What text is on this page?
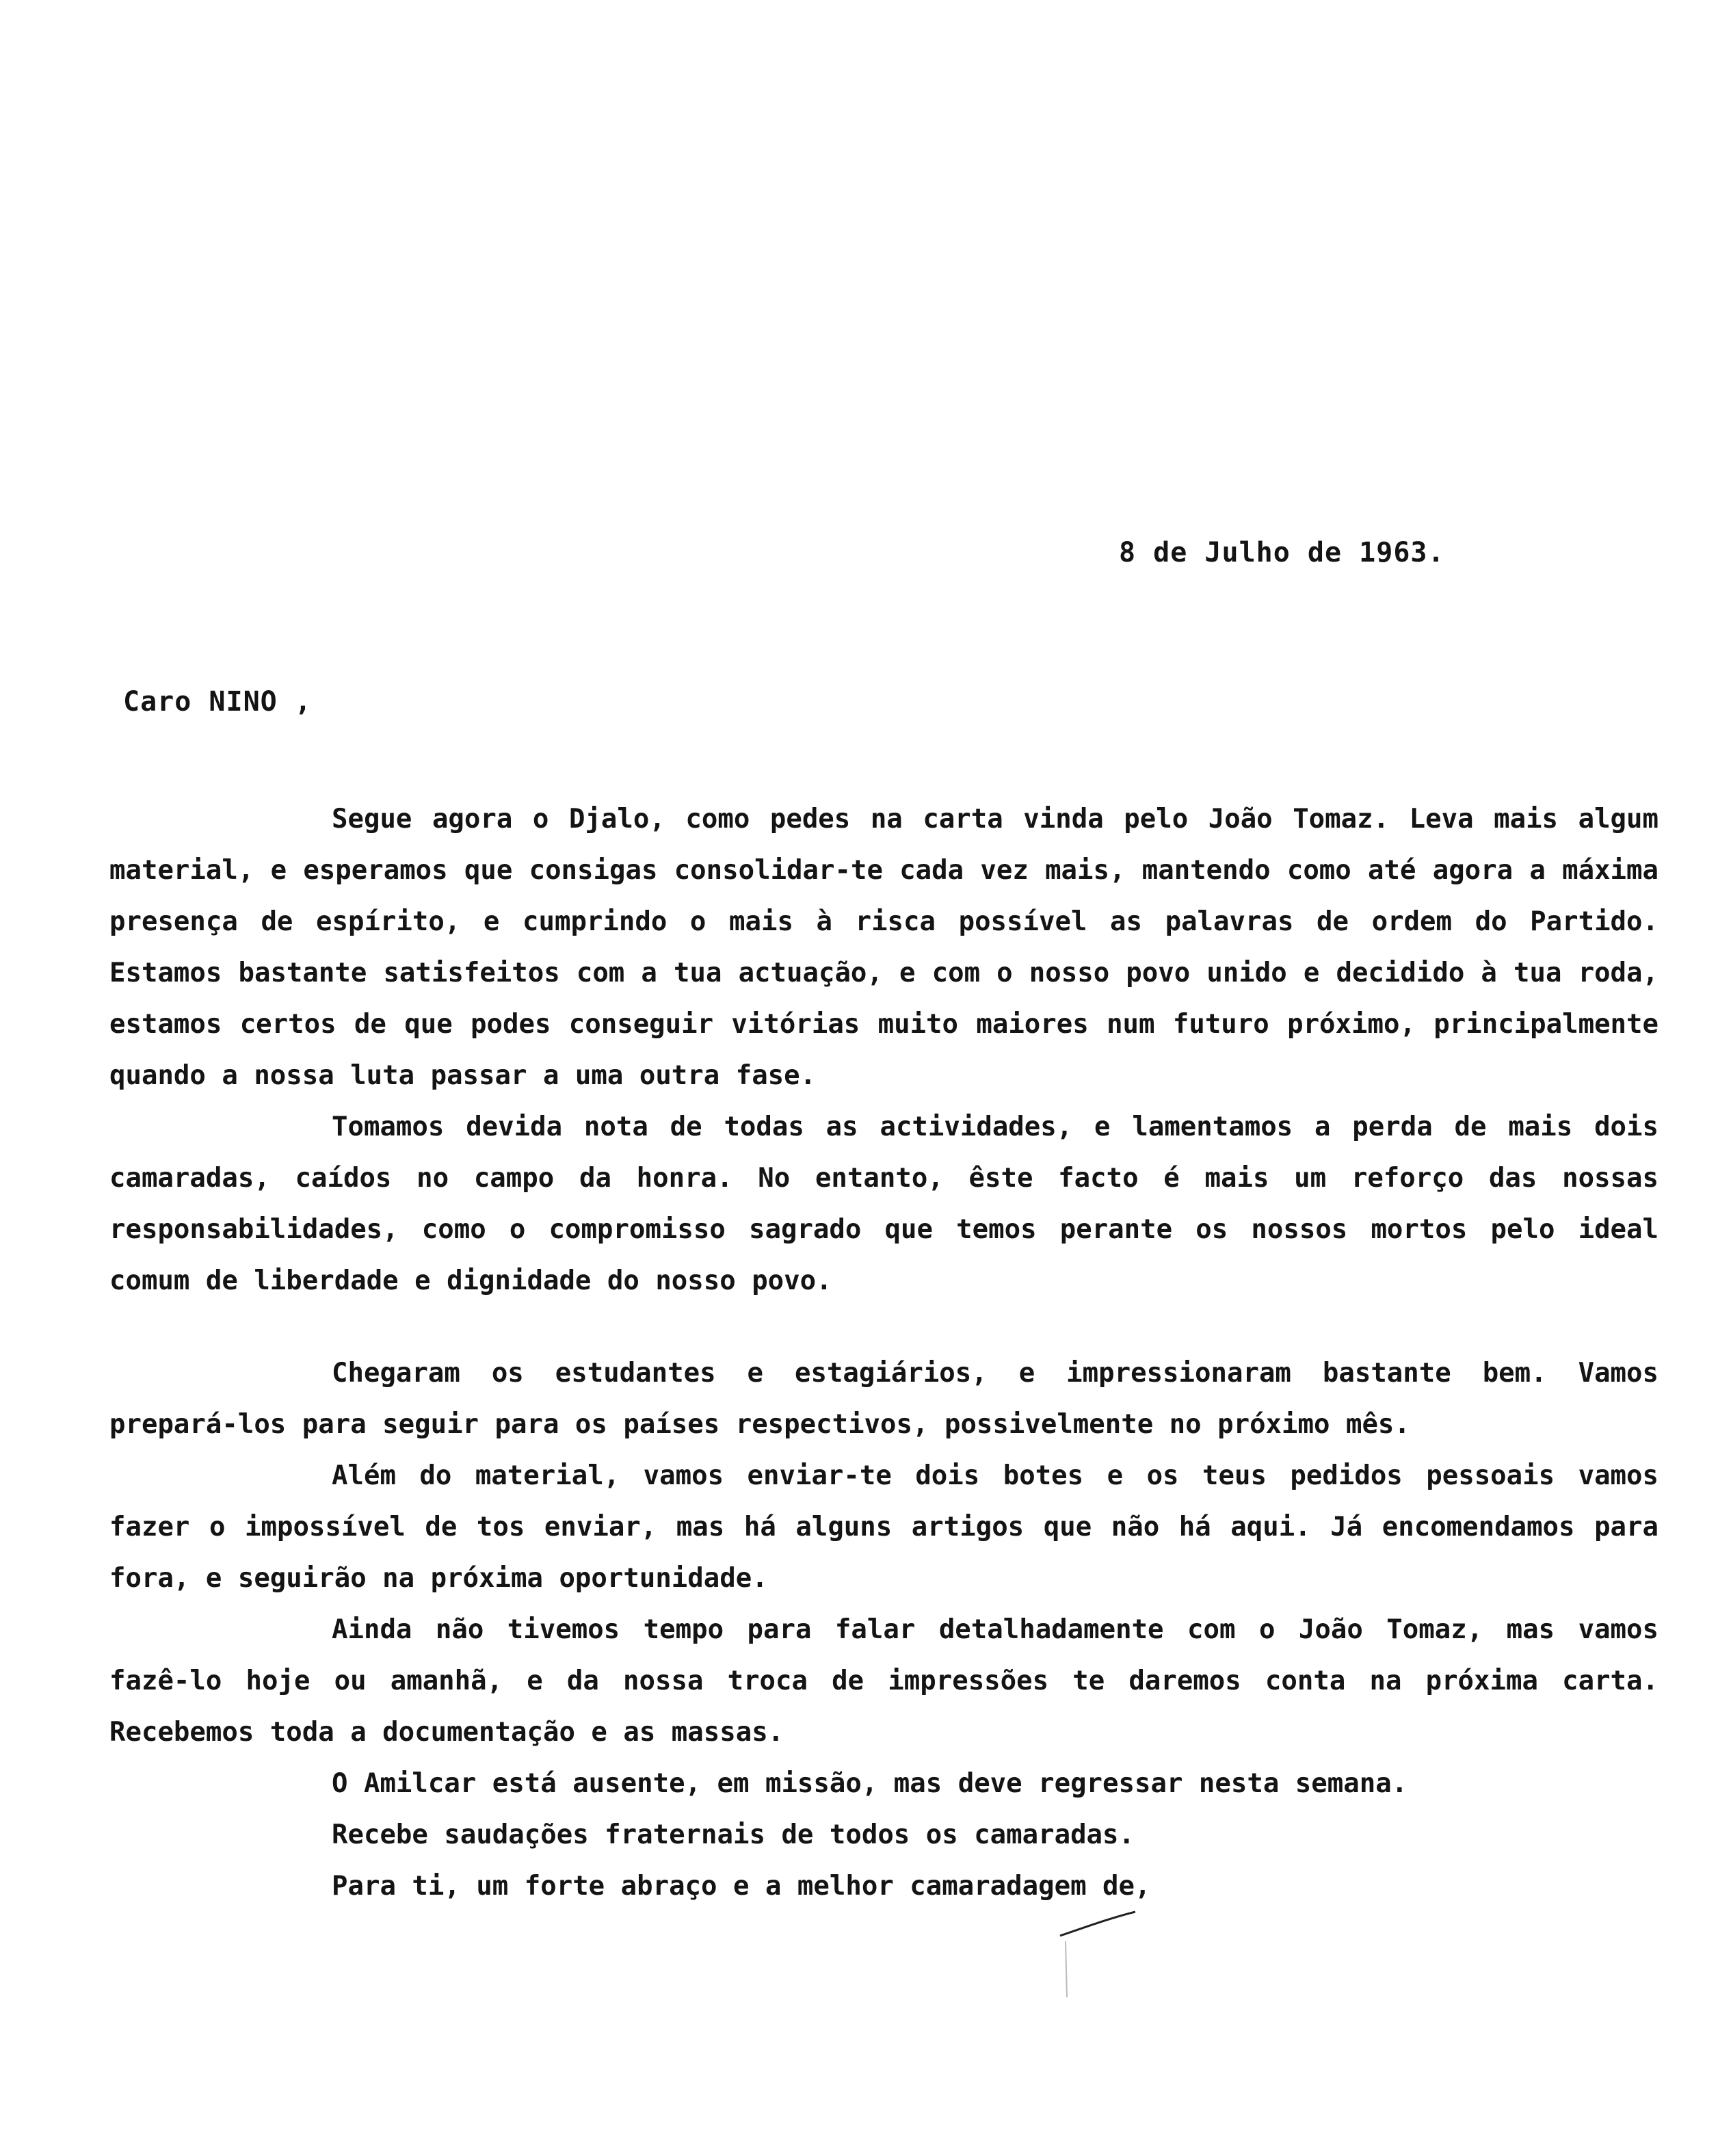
8 de Julho de 1963.
Caro NINO ,

Segue agora o Djalo, como pedes na carta vinda pelo João Tomaz. Leva mais algum material, e esperamos que consigas consolidar-te cada vez mais, mantendo como até agora a máxima presença de espírito, e cumprindo o mais à risca possível as palavras de ordem do Partido. Estamos bastante satisfeitos com a tua actuação, e com o nosso povo unido e decidido à tua roda, estamos certos de que podes conseguir vitórias muito maiores num futuro próximo, principalmente quando a nossa luta passar a uma outra fase.

Tomamos devida nota de todas as actividades, e lamentamos a perda de mais dois camaradas, caídos no campo da honra. No entanto, êste facto é mais um reforço das nossas responsabilidades, como o compromisso sagrado que temos perante os nossos mortos pelo ideal comum de liberdade e dignidade do nosso povo.

Chegaram os estudantes e estagiários, e impressionaram bastante bem. Vamos prepará-los para seguir para os países respectivos, possivelmente no próximo mês.

Além do material, vamos enviar-te dois botes e os teus pedidos pessoais vamos fazer o impossível de tos enviar, mas há alguns artigos que não há aqui. Já encomendamos para fora, e seguirão na próxima oportunidade.

Ainda não tivemos tempo para falar detalhadamente com o João Tomaz, mas vamos fazê-lo hoje ou amanhã, e da nossa troca de impressões te daremos conta na próxima carta. Recebemos toda a documentação e as massas.

O Amilcar está ausente, em missão, mas deve regressar nesta semana.

Recebe saudações fraternais de todos os camaradas.

Para ti, um forte abraço e a melhor camaradagem de,
